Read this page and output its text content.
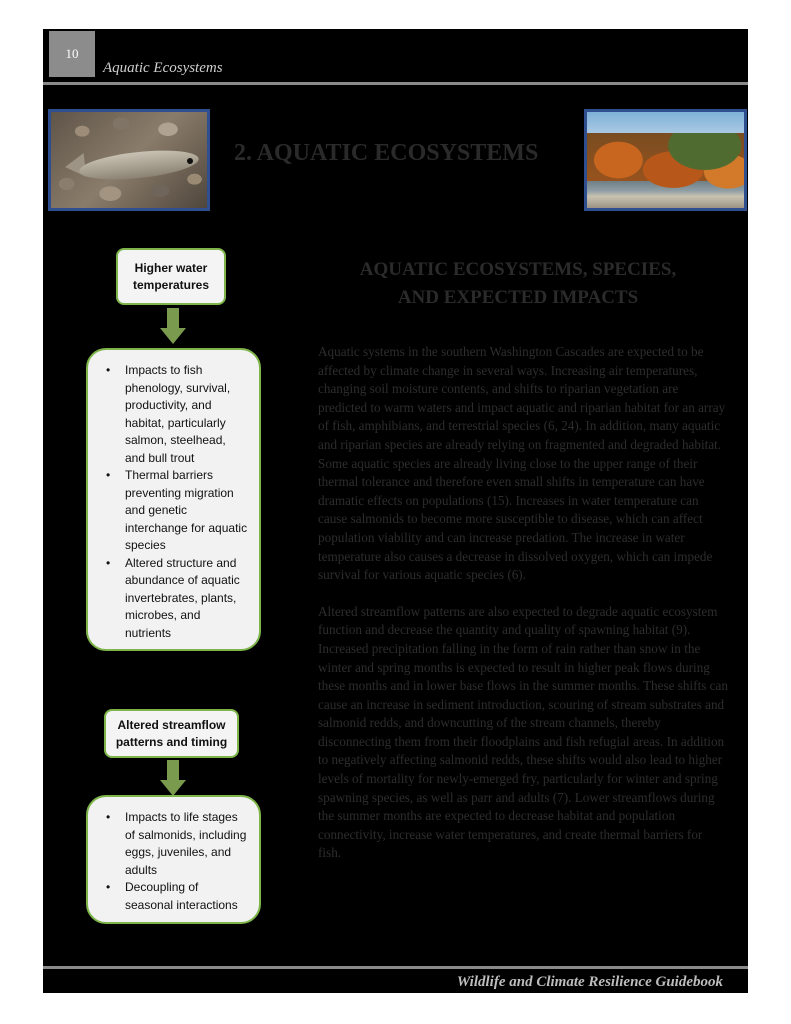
10
Aquatic Ecosystems
2. AQUATIC ECOSYSTEMS
AQUATIC ECOSYSTEMS, SPECIES,
AND EXPECTED IMPACTS

Aquatic systems in the southern Washington Cascades are expected to be affected by climate change in several ways. Increasing air temperatures, changing soil moisture contents, and shifts to riparian vegetation are predicted to warm waters and impact aquatic and riparian habitat for an array of fish, amphibians, and terrestrial species (6, 24). In addition, many aquatic and riparian species are already relying on fragmented and degraded habitat. Some aquatic species are already living close to the upper range of their thermal tolerance and therefore even small shifts in temperature can have dramatic effects on populations (15). Increases in water temperature can cause salmonids to become more susceptible to disease, which can affect population viability and can increase predation. The increase in water temperature also causes a decrease in dissolved oxygen, which can impede survival for various aquatic species (6).

Altered streamflow patterns are also expected to degrade aquatic ecosystem function and decrease the quantity and quality of spawning habitat (9). Increased precipitation falling in the form of rain rather than snow in the winter and spring months is expected to result in higher peak flows during these months and in lower base flows in the summer months. These shifts can cause an increase in sediment introduction, scouring of stream substrates and salmonid redds, and downcutting of the stream channels, thereby disconnecting them from their floodplains and fish refugial areas. In addition to negatively affecting salmonid redds, these shifts would also lead to higher levels of mortality for newly-emerged fry, particularly for winter and spring spawning species, as well as parr and adults (7). Lower streamflows during the summer months are expected to decrease habitat and population connectivity, increase water temperatures, and create thermal barriers for fish.

Higher water temperatures
• Impacts to fish phenology, survival, productivity, and habitat, particularly salmon, steelhead, and bull trout
• Thermal barriers preventing migration and genetic interchange for aquatic species
• Altered structure and abundance of aquatic invertebrates, plants, microbes, and nutrients
Altered streamflow patterns and timing
• Impacts to life stages of salmonids, including eggs, juveniles, and adults
• Decoupling of seasonal interactions
Wildlife and Climate Resilience Guidebook
